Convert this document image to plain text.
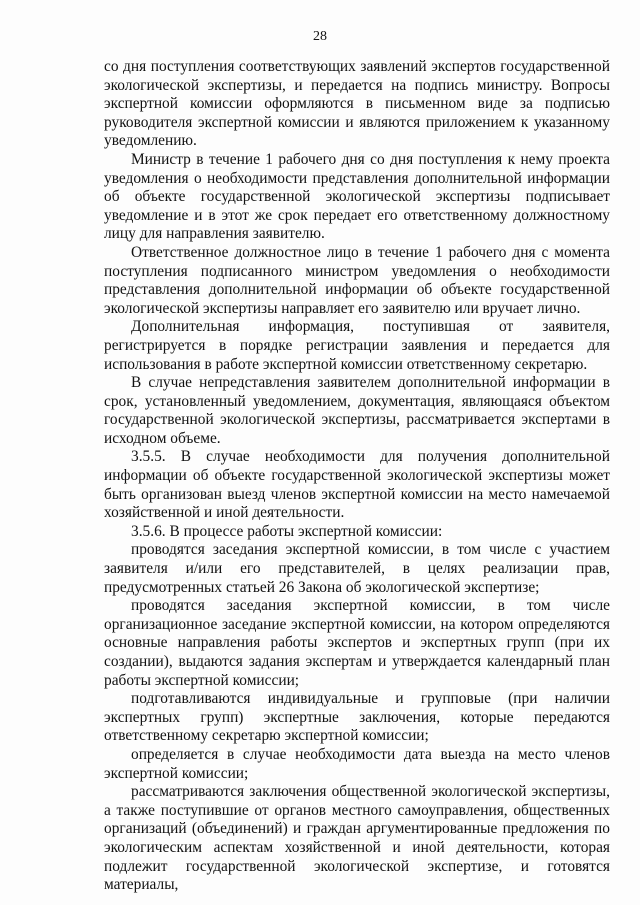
28

со дня поступления соответствующих заявлений экспертов государственной экологической экспертизы, и передается на подпись министру. Вопросы экспертной комиссии оформляются в письменном виде за подписью руководителя экспертной комиссии и являются приложением к указанному уведомлению.

Министр в течение 1 рабочего дня со дня поступления к нему проекта уведомления о необходимости представления дополнительной информации об объекте государственной экологической экспертизы подписывает уведомление и в этот же срок передает его ответственному должностному лицу для направления заявителю.

Ответственное должностное лицо в течение 1 рабочего дня с момента поступления подписанного министром уведомления о необходимости представления дополнительной информации об объекте государственной экологической экспертизы направляет его заявителю или вручает лично.

Дополнительная информация, поступившая от заявителя, регистрируется в порядке регистрации заявления и передается для использования в работе экспертной комиссии ответственному секретарю.

В случае непредставления заявителем дополнительной информации в срок, установленный уведомлением, документация, являющаяся объектом государственной экологической экспертизы, рассматривается экспертами в исходном объеме.

3.5.5. В случае необходимости для получения дополнительной информации об объекте государственной экологической экспертизы может быть организован выезд членов экспертной комиссии на место намечаемой хозяйственной и иной деятельности.

3.5.6. В процессе работы экспертной комиссии:

проводятся заседания экспертной комиссии, в том числе с участием заявителя и/или его представителей, в целях реализации прав, предусмотренных статьей 26 Закона об экологической экспертизе;

проводятся заседания экспертной комиссии, в том числе организационное заседание экспертной комиссии, на котором определяются основные направления работы экспертов и экспертных групп (при их создании), выдаются задания экспертам и утверждается календарный план работы экспертной комиссии;

подготавливаются индивидуальные и групповые (при наличии экспертных групп) экспертные заключения, которые передаются ответственному секретарю экспертной комиссии;

определяется в случае необходимости дата выезда на место членов экспертной комиссии;

рассматриваются заключения общественной экологической экспертизы, а также поступившие от органов местного самоуправления, общественных организаций (объединений) и граждан аргументированные предложения по экологическим аспектам хозяйственной и иной деятельности, которая подлежит государственной экологической экспертизе, и готовятся материалы,
